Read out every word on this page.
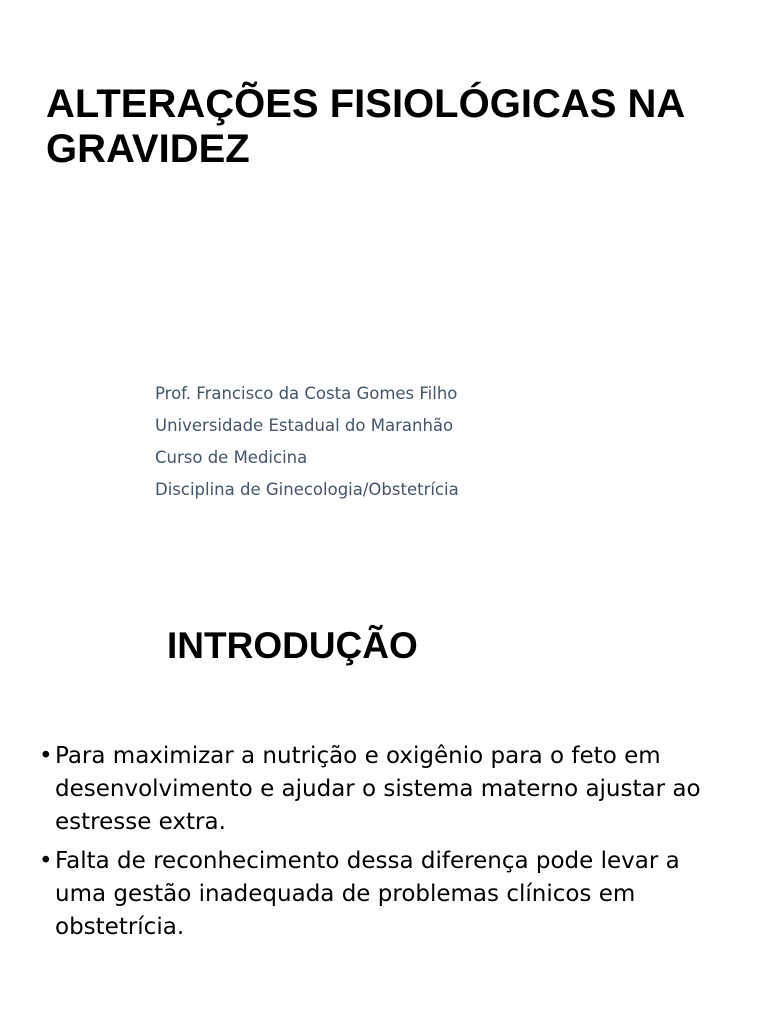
ALTERAÇÕES FISIOLÓGICAS NA GRAVIDEZ
Prof. Francisco da Costa Gomes Filho
Universidade Estadual do Maranhão
Curso de Medicina
Disciplina de Ginecologia/Obstetrícia
INTRODUÇÃO
• Para maximizar a nutrição e oxigênio para o feto em desenvolvimento e ajudar o sistema materno ajustar ao estresse extra.
• Falta de reconhecimento dessa diferença pode levar a uma gestão inadequada de problemas clínicos em obstetrícia.
